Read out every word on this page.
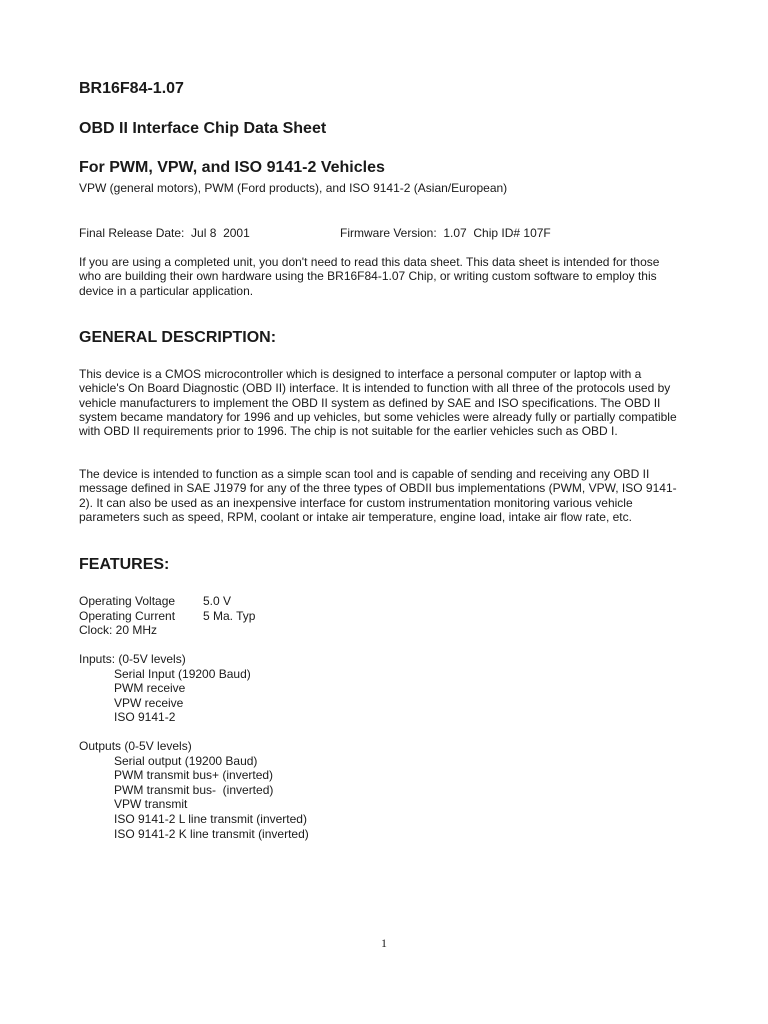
BR16F84-1.07
OBD II Interface Chip Data Sheet
For PWM, VPW, and ISO 9141-2 Vehicles
VPW (general motors), PWM (Ford products), and ISO 9141-2 (Asian/European)
Final Release Date:  Jul 8  2001	Firmware Version:  1.07  Chip ID# 107F
If you are using a completed unit, you don't need to read this data sheet. This data sheet is intended for those who are building their own hardware using the BR16F84-1.07 Chip, or writing custom software to employ this device in a particular application.
GENERAL DESCRIPTION:
This device is a CMOS microcontroller which is designed to interface a personal computer or laptop with a vehicle's On Board Diagnostic (OBD II) interface. It is intended to function with all three of the protocols used by vehicle manufacturers to implement the OBD II system as defined by SAE and ISO specifications. The OBD II system became mandatory for 1996 and up vehicles, but some vehicles were already fully or partially compatible with OBD II requirements prior to 1996. The chip is not suitable for the earlier vehicles such as OBD I.
The device is intended to function as a simple scan tool and is capable of sending and receiving any OBD II message defined in SAE J1979 for any of the three types of OBDII bus implementations (PWM, VPW, ISO 9141-2). It can also be used as an inexpensive interface for custom instrumentation monitoring various vehicle parameters such as speed, RPM, coolant or intake air temperature, engine load, intake air flow rate, etc.
FEATURES:
Operating Voltage 5.0 V
Operating Current 5 Ma. Typ
Clock: 20 MHz
Inputs: (0-5V levels)
Serial Input (19200 Baud)
PWM receive
VPW receive
ISO 9141-2
Outputs (0-5V levels)
Serial output (19200 Baud)
PWM transmit bus+ (inverted)
PWM transmit bus-  (inverted)
VPW transmit
ISO 9141-2 L line transmit (inverted)
ISO 9141-2 K line transmit (inverted)
1
